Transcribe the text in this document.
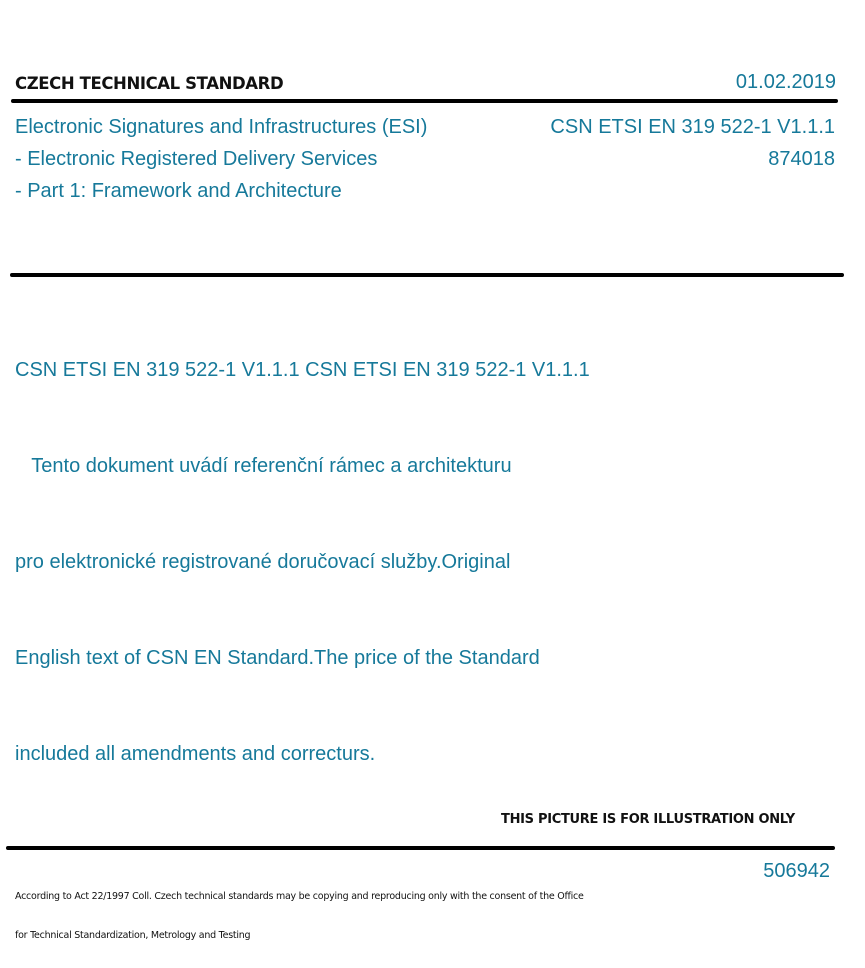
CZECH TECHNICAL STANDARD	01.02.2019
Electronic Signatures and Infrastructures (ESI)
- Electronic Registered Delivery Services
- Part 1: Framework and Architecture
CSN ETSI EN 319 522-1 V1.1.1
874018

CSN ETSI EN 319 522-1 V1.1.1 CSN ETSI EN 319 522-1 V1.1.1

Tento dokument uvádí referenční rámec a architekturu

pro elektronické registrované doručovací služby.Original

English text of CSN EN Standard.The price of the Standard

included all amendments and correcturs.

THIS PICTURE IS FOR ILLUSTRATION ONLY

According to Act 22/1997 Coll. Czech technical standards may be copying and reproducing only with the consent of the Office

for Technical Standardization, Metrology and Testing

506942
